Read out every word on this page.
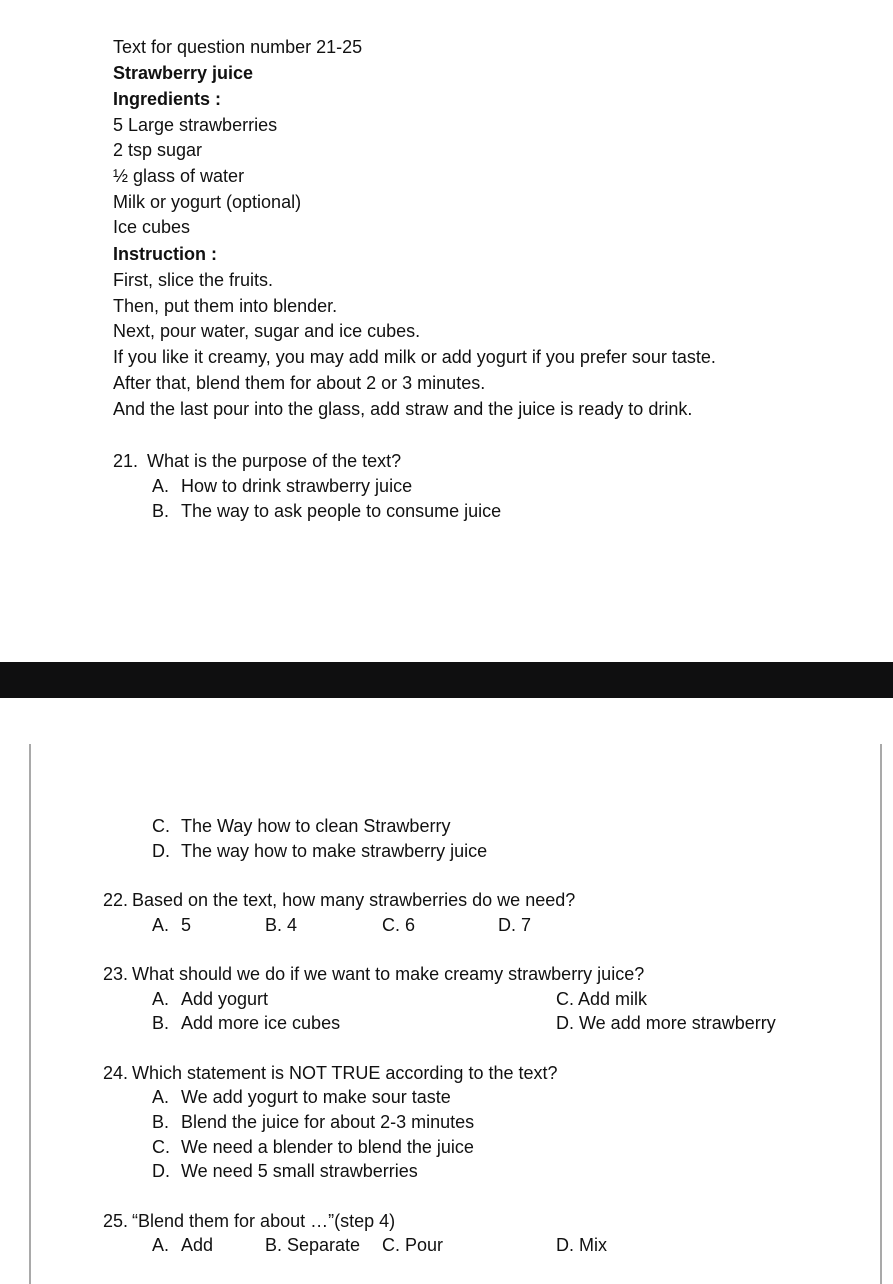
Text for question number 21-25
Strawberry juice
Ingredients :
5 Large strawberries
2 tsp sugar
½ glass of water
Milk or yogurt (optional)
Ice cubes
Instruction :
First, slice the fruits.
Then, put them into blender.
Next, pour water, sugar and ice cubes.
If you like it creamy, you may add milk or add yogurt if you prefer sour taste.
After that, blend them for about 2 or 3 minutes.
And the last pour into the glass, add straw and the juice is ready to drink.
21. What is the purpose of the text?
A. How to drink strawberry juice
B. The way to ask people to consume juice
C. The Way how to clean Strawberry
D. The way how to make strawberry juice
22. Based on the text, how many strawberries do we need?
A. 5	B. 4	C. 6	D. 7
23. What should we do if we want to make creamy strawberry juice?
A. Add yogurt	C. Add milk
B. Add more ice cubes	D. We add more strawberry
24. Which statement is NOT TRUE according to the text?
A. We add yogurt to make sour taste
B. Blend the juice for about 2-3 minutes
C. We need a blender to blend the juice
D. We need 5 small strawberries
25. “Blend them for about …”(step 4)
A. Add	B. Separate C. Pour	D. Mix
